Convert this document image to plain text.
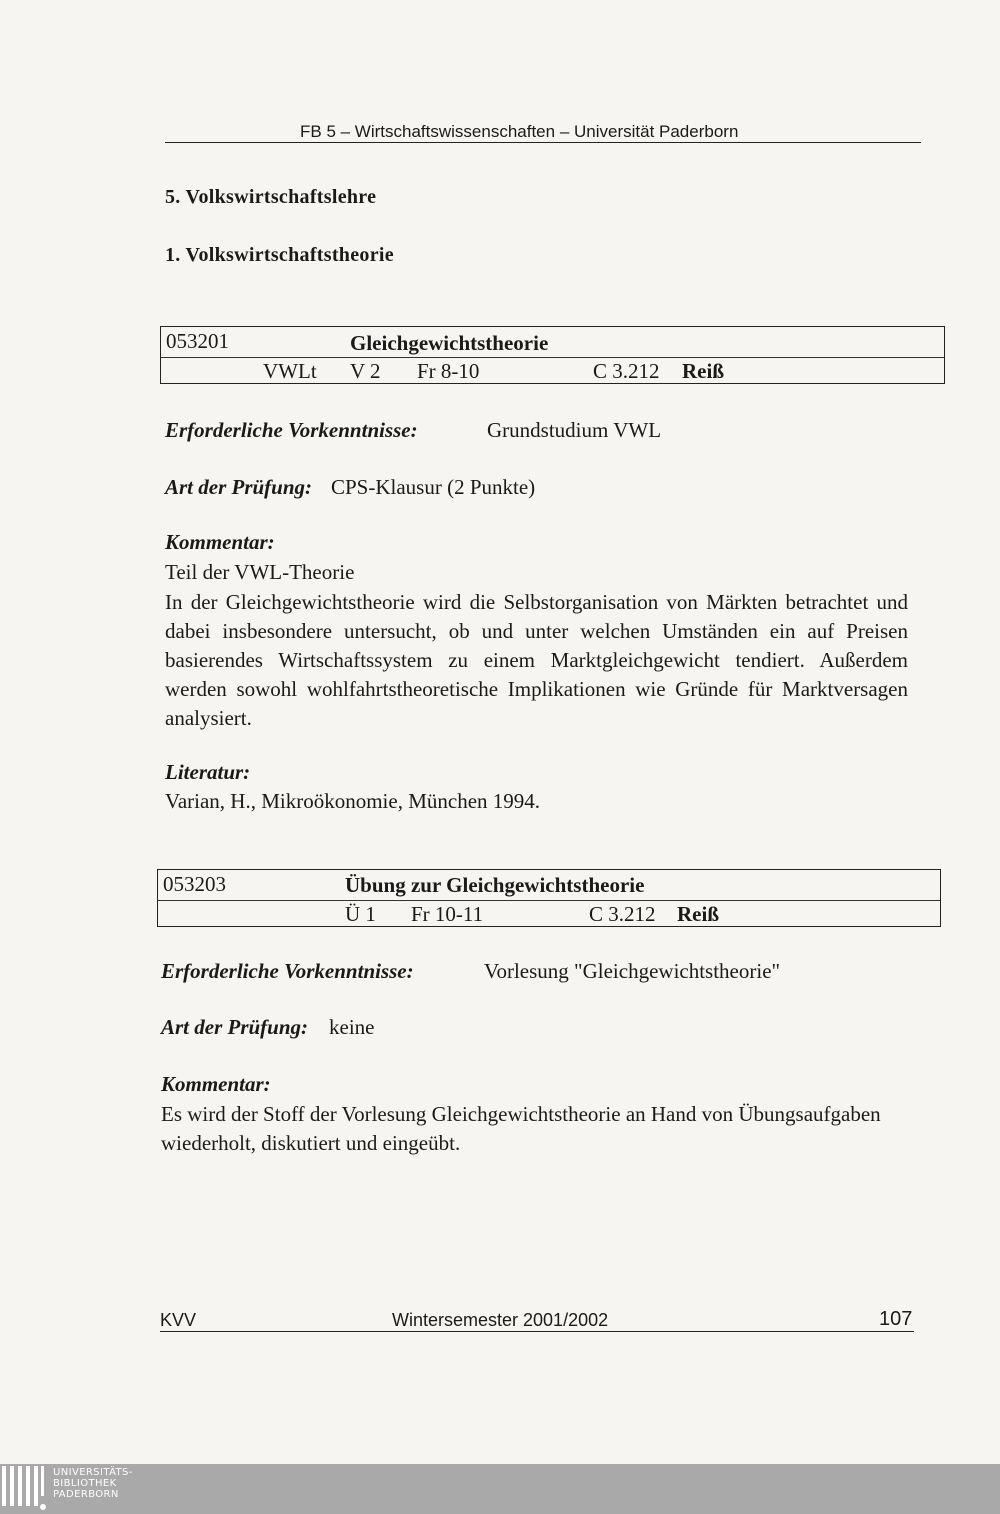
FB 5 – Wirtschaftswissenschaften – Universität Paderborn
5. Volkswirtschaftslehre
1. Volkswirtschaftstheorie
053201	Gleichgewichtstheorie
VWLt V 2 Fr 8-10	C 3.212 Reiß
Erforderliche Vorkenntnisse:	Grundstudium VWL
Art der Prüfung: CPS-Klausur (2 Punkte)
Kommentar:
Teil der VWL-Theorie
In der Gleichgewichtstheorie wird die Selbstorganisation von Märkten betrachtet und dabei insbesondere untersucht, ob und unter welchen Umständen ein auf Preisen basierendes Wirtschaftssystem zu einem Marktgleichgewicht tendiert. Außerdem werden sowohl wohlfahrtstheoretische Implikationen wie Gründe für Marktversagen analysiert.
Literatur:
Varian, H., Mikroökonomie, München 1994.
053203	Übung zur Gleichgewichtstheorie
Ü 1 Fr 10-11	C 3.212 Reiß
Erforderliche Vorkenntnisse:	Vorlesung "Gleichgewichtstheorie"
Art der Prüfung: keine
Kommentar:
Es wird der Stoff der Vorlesung Gleichgewichtstheorie an Hand von Übungsaufgaben wiederholt, diskutiert und eingeübt.
KVV	Wintersemester 2001/2002	107
UNIVERSITÄTS-
BIBLIOTHEK
PADERBORN
